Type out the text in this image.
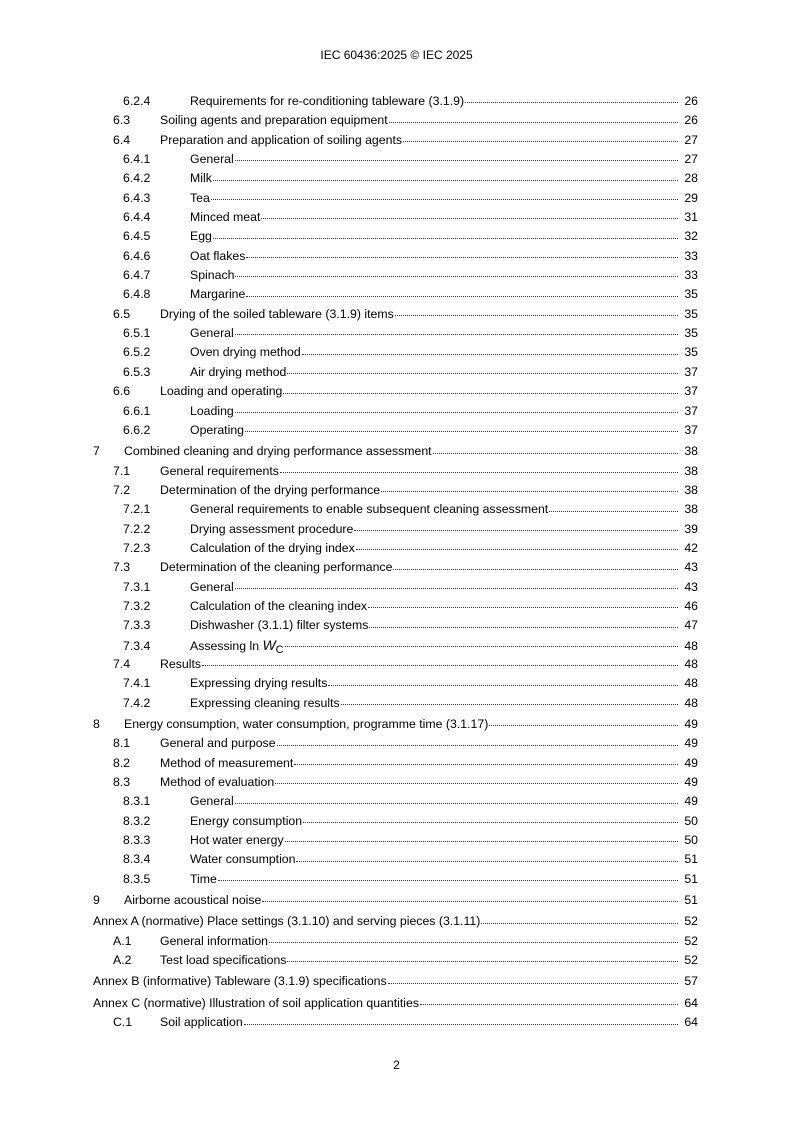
IEC 60436:2025 © IEC 2025
6.2.4	Requirements for re-conditioning tableware (3.1.9)	26
6.3	Soiling agents and preparation equipment	26
6.4	Preparation and application of soiling agents	27
6.4.1	General	27
6.4.2	Milk	28
6.4.3	Tea	29
6.4.4	Minced meat	31
6.4.5	Egg	32
6.4.6	Oat flakes	33
6.4.7	Spinach	33
6.4.8	Margarine	35
6.5	Drying of the soiled tableware (3.1.9) items	35
6.5.1	General	35
6.5.2	Oven drying method	35
6.5.3	Air drying method	37
6.6	Loading and operating	37
6.6.1	Loading	37
6.6.2	Operating	37
7	Combined cleaning and drying performance assessment	38
7.1	General requirements	38
7.2	Determination of the drying performance	38
7.2.1	General requirements to enable subsequent cleaning assessment	38
7.2.2	Drying assessment procedure	39
7.2.3	Calculation of the drying index	42
7.3	Determination of the cleaning performance	43
7.3.1	General	43
7.3.2	Calculation of the cleaning index	46
7.3.3	Dishwasher (3.1.1) filter systems	47
7.3.4	Assessing ln WC	48
7.4	Results	48
7.4.1	Expressing drying results	48
7.4.2	Expressing cleaning results	48
8	Energy consumption, water consumption, programme time (3.1.17)	49
8.1	General and purpose	49
8.2	Method of measurement	49
8.3	Method of evaluation	49
8.3.1	General	49
8.3.2	Energy consumption	50
8.3.3	Hot water energy	50
8.3.4	Water consumption	51
8.3.5	Time	51
9	Airborne acoustical noise	51
Annex A (normative) Place settings (3.1.10) and serving pieces (3.1.11)	52
A.1	General information	52
A.2	Test load specifications	52
Annex B (informative) Tableware (3.1.9) specifications	57
Annex C (normative) Illustration of soil application quantities	64
C.1	Soil application	64
2
